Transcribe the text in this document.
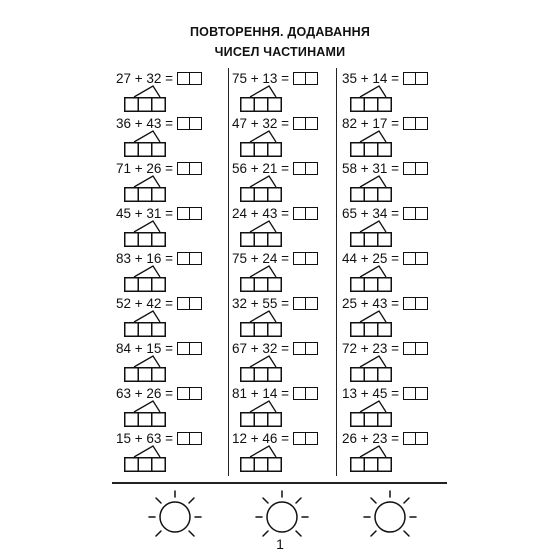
ПОВТОРЕННЯ. ДОДАВАННЯ
ЧИСЕЛ ЧАСТИНАМИ
27 + 32 =
36 + 43 =
71 + 26 =
45 + 31 =
83 + 16 =
52 + 42 =
84 + 15 =
63 + 26 =
15 + 63 =
75 + 13 =
47 + 32 =
56 + 21 =
24 + 43 =
75 + 24 =
32 + 55 =
67 + 32 =
81 + 14 =
12 + 46 =
35 + 14 =
82 + 17 =
58 + 31 =
65 + 34 =
44 + 25 =
25 + 43 =
72 + 23 =
13 + 45 =
26 + 23 =
1
